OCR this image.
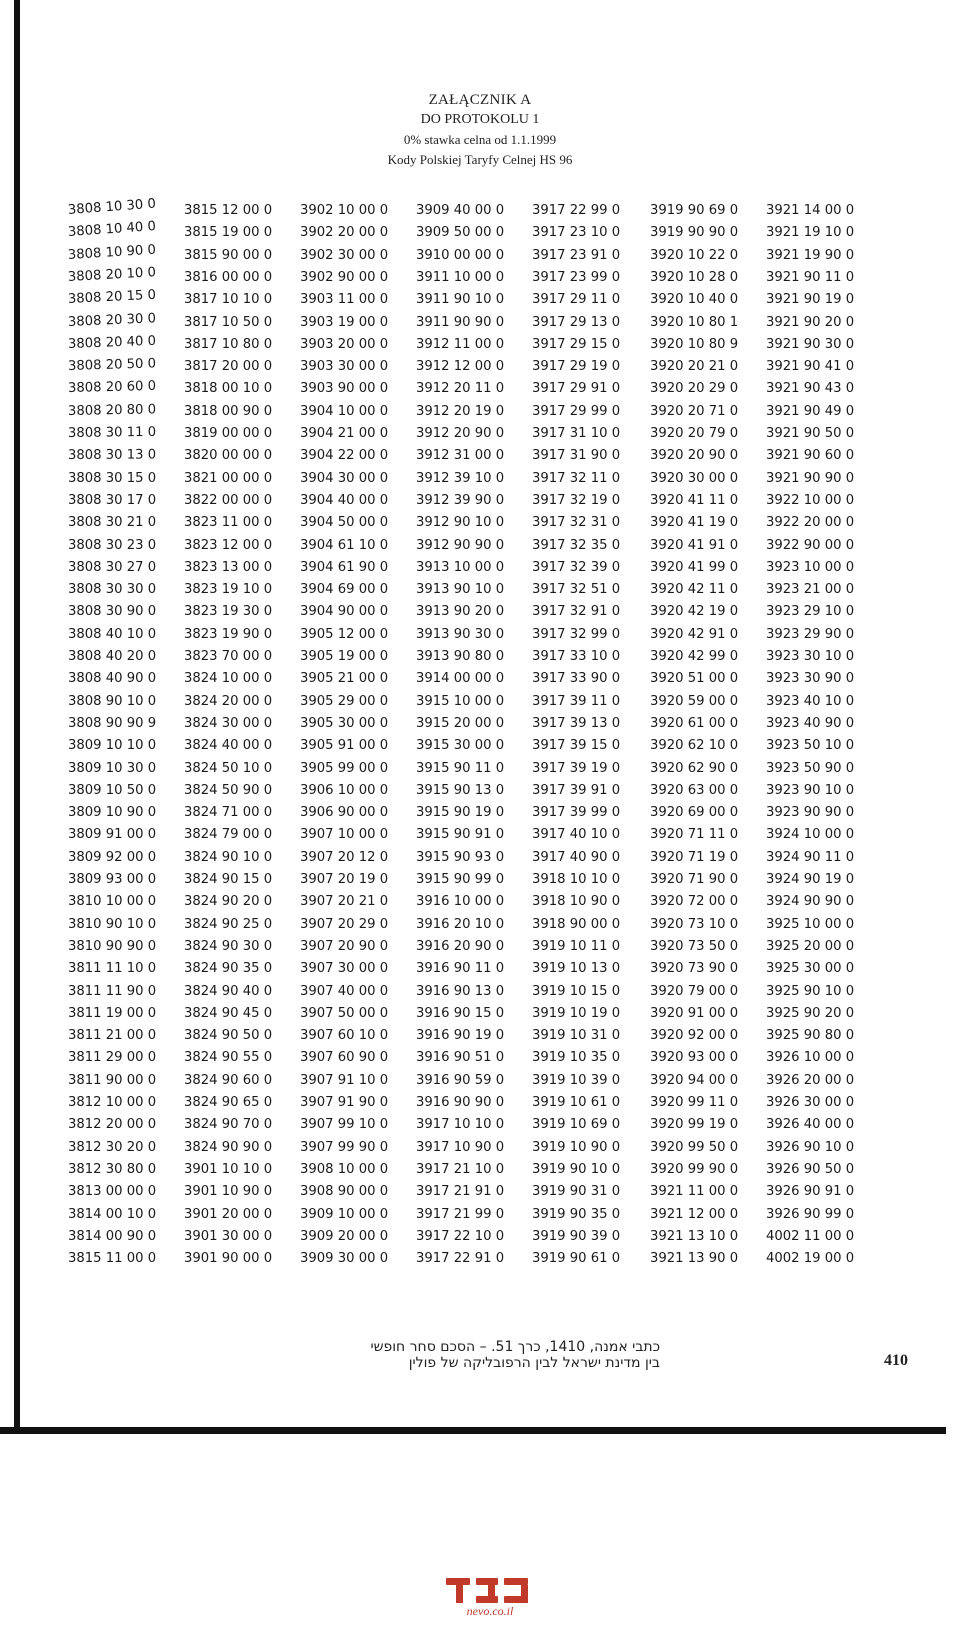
ZAŁĄCZNIK A
DO PROTOKOLU 1
0% stawka celna od 1.1.1999
Kody Polskiej Taryfy Celnej HS 96
3808 10 30 0
3808 10 40 0
3808 10 90 0
3808 20 10 0
3808 20 15 0
3808 20 30 0
3808 20 40 0
3808 20 50 0
3808 20 60 0
3808 20 80 0
3808 30 11 0
3808 30 13 0
3808 30 15 0
3808 30 17 0
3808 30 21 0
3808 30 23 0
3808 30 27 0
3808 30 30 0
3808 30 90 0
3808 40 10 0
3808 40 20 0
3808 40 90 0
3808 90 10 0
3808 90 90 9
3809 10 10 0
3809 10 30 0
3809 10 50 0
3809 10 90 0
3809 91 00 0
3809 92 00 0
3809 93 00 0
3810 10 00 0
3810 90 10 0
3810 90 90 0
3811 11 10 0
3811 11 90 0
3811 19 00 0
3811 21 00 0
3811 29 00 0
3811 90 00 0
3812 10 00 0
3812 20 00 0
3812 30 20 0
3812 30 80 0
3813 00 00 0
3814 00 10 0
3814 00 90 0
3815 11 00 0
3815 12 00 0
3815 19 00 0
3815 90 00 0
3816 00 00 0
3817 10 10 0
3817 10 50 0
3817 10 80 0
3817 20 00 0
3818 00 10 0
3818 00 90 0
3819 00 00 0
3820 00 00 0
3821 00 00 0
3822 00 00 0
3823 11 00 0
3823 12 00 0
3823 13 00 0
3823 19 10 0
3823 19 30 0
3823 19 90 0
3823 70 00 0
3824 10 00 0
3824 20 00 0
3824 30 00 0
3824 40 00 0
3824 50 10 0
3824 50 90 0
3824 71 00 0
3824 79 00 0
3824 90 10 0
3824 90 15 0
3824 90 20 0
3824 90 25 0
3824 90 30 0
3824 90 35 0
3824 90 40 0
3824 90 45 0
3824 90 50 0
3824 90 55 0
3824 90 60 0
3824 90 65 0
3824 90 70 0
3824 90 90 0
3901 10 10 0
3901 10 90 0
3901 20 00 0
3901 30 00 0
3901 90 00 0
3902 10 00 0
3902 20 00 0
3902 30 00 0
3902 90 00 0
3903 11 00 0
3903 19 00 0
3903 20 00 0
3903 30 00 0
3903 90 00 0
3904 10 00 0
3904 21 00 0
3904 22 00 0
3904 30 00 0
3904 40 00 0
3904 50 00 0
3904 61 10 0
3904 61 90 0
3904 69 00 0
3904 90 00 0
3905 12 00 0
3905 19 00 0
3905 21 00 0
3905 29 00 0
3905 30 00 0
3905 91 00 0
3905 99 00 0
3906 10 00 0
3906 90 00 0
3907 10 00 0
3907 20 12 0
3907 20 19 0
3907 20 21 0
3907 20 29 0
3907 20 90 0
3907 30 00 0
3907 40 00 0
3907 50 00 0
3907 60 10 0
3907 60 90 0
3907 91 10 0
3907 91 90 0
3907 99 10 0
3907 99 90 0
3908 10 00 0
3908 90 00 0
3909 10 00 0
3909 20 00 0
3909 30 00 0
3909 40 00 0
3909 50 00 0
3910 00 00 0
3911 10 00 0
3911 90 10 0
3911 90 90 0
3912 11 00 0
3912 12 00 0
3912 20 11 0
3912 20 19 0
3912 20 90 0
3912 31 00 0
3912 39 10 0
3912 39 90 0
3912 90 10 0
3912 90 90 0
3913 10 00 0
3913 90 10 0
3913 90 20 0
3913 90 30 0
3913 90 80 0
3914 00 00 0
3915 10 00 0
3915 20 00 0
3915 30 00 0
3915 90 11 0
3915 90 13 0
3915 90 19 0
3915 90 91 0
3915 90 93 0
3915 90 99 0
3916 10 00 0
3916 20 10 0
3916 20 90 0
3916 90 11 0
3916 90 13 0
3916 90 15 0
3916 90 19 0
3916 90 51 0
3916 90 59 0
3916 90 90 0
3917 10 10 0
3917 10 90 0
3917 21 10 0
3917 21 91 0
3917 21 99 0
3917 22 10 0
3917 22 91 0
3917 22 99 0
3917 23 10 0
3917 23 91 0
3917 23 99 0
3917 29 11 0
3917 29 13 0
3917 29 15 0
3917 29 19 0
3917 29 91 0
3917 29 99 0
3917 31 10 0
3917 31 90 0
3917 32 11 0
3917 32 19 0
3917 32 31 0
3917 32 35 0
3917 32 39 0
3917 32 51 0
3917 32 91 0
3917 32 99 0
3917 33 10 0
3917 33 90 0
3917 39 11 0
3917 39 13 0
3917 39 15 0
3917 39 19 0
3917 39 91 0
3917 39 99 0
3917 40 10 0
3917 40 90 0
3918 10 10 0
3918 10 90 0
3918 90 00 0
3919 10 11 0
3919 10 13 0
3919 10 15 0
3919 10 19 0
3919 10 31 0
3919 10 35 0
3919 10 39 0
3919 10 61 0
3919 10 69 0
3919 10 90 0
3919 90 10 0
3919 90 31 0
3919 90 35 0
3919 90 39 0
3919 90 61 0
3919 90 69 0
3919 90 90 0
3920 10 22 0
3920 10 28 0
3920 10 40 0
3920 10 80 1
3920 10 80 9
3920 20 21 0
3920 20 29 0
3920 20 71 0
3920 20 79 0
3920 20 90 0
3920 30 00 0
3920 41 11 0
3920 41 19 0
3920 41 91 0
3920 41 99 0
3920 42 11 0
3920 42 19 0
3920 42 91 0
3920 42 99 0
3920 51 00 0
3920 59 00 0
3920 61 00 0
3920 62 10 0
3920 62 90 0
3920 63 00 0
3920 69 00 0
3920 71 11 0
3920 71 19 0
3920 71 90 0
3920 72 00 0
3920 73 10 0
3920 73 50 0
3920 73 90 0
3920 79 00 0
3920 91 00 0
3920 92 00 0
3920 93 00 0
3920 94 00 0
3920 99 11 0
3920 99 19 0
3920 99 50 0
3920 99 90 0
3921 11 00 0
3921 12 00 0
3921 13 10 0
3921 13 90 0
3921 14 00 0
3921 19 10 0
3921 19 90 0
3921 90 11 0
3921 90 19 0
3921 90 20 0
3921 90 30 0
3921 90 41 0
3921 90 43 0
3921 90 49 0
3921 90 50 0
3921 90 60 0
3921 90 90 0
3922 10 00 0
3922 20 00 0
3922 90 00 0
3923 10 00 0
3923 21 00 0
3923 29 10 0
3923 29 90 0
3923 30 10 0
3923 30 90 0
3923 40 10 0
3923 40 90 0
3923 50 10 0
3923 50 90 0
3923 90 10 0
3923 90 90 0
3924 10 00 0
3924 90 11 0
3924 90 19 0
3924 90 90 0
3925 10 00 0
3925 20 00 0
3925 30 00 0
3925 90 10 0
3925 90 20 0
3925 90 80 0
3926 10 00 0
3926 20 00 0
3926 30 00 0
3926 40 00 0
3926 90 10 0
3926 90 50 0
3926 90 91 0
3926 90 99 0
4002 11 00 0
4002 19 00 0
כתבי אמנה, 1410, כרך 51. – הסכם סחר חופשי בין מדינת ישראל לבין הרפובליקה של פולין	410
nevo.co.il
